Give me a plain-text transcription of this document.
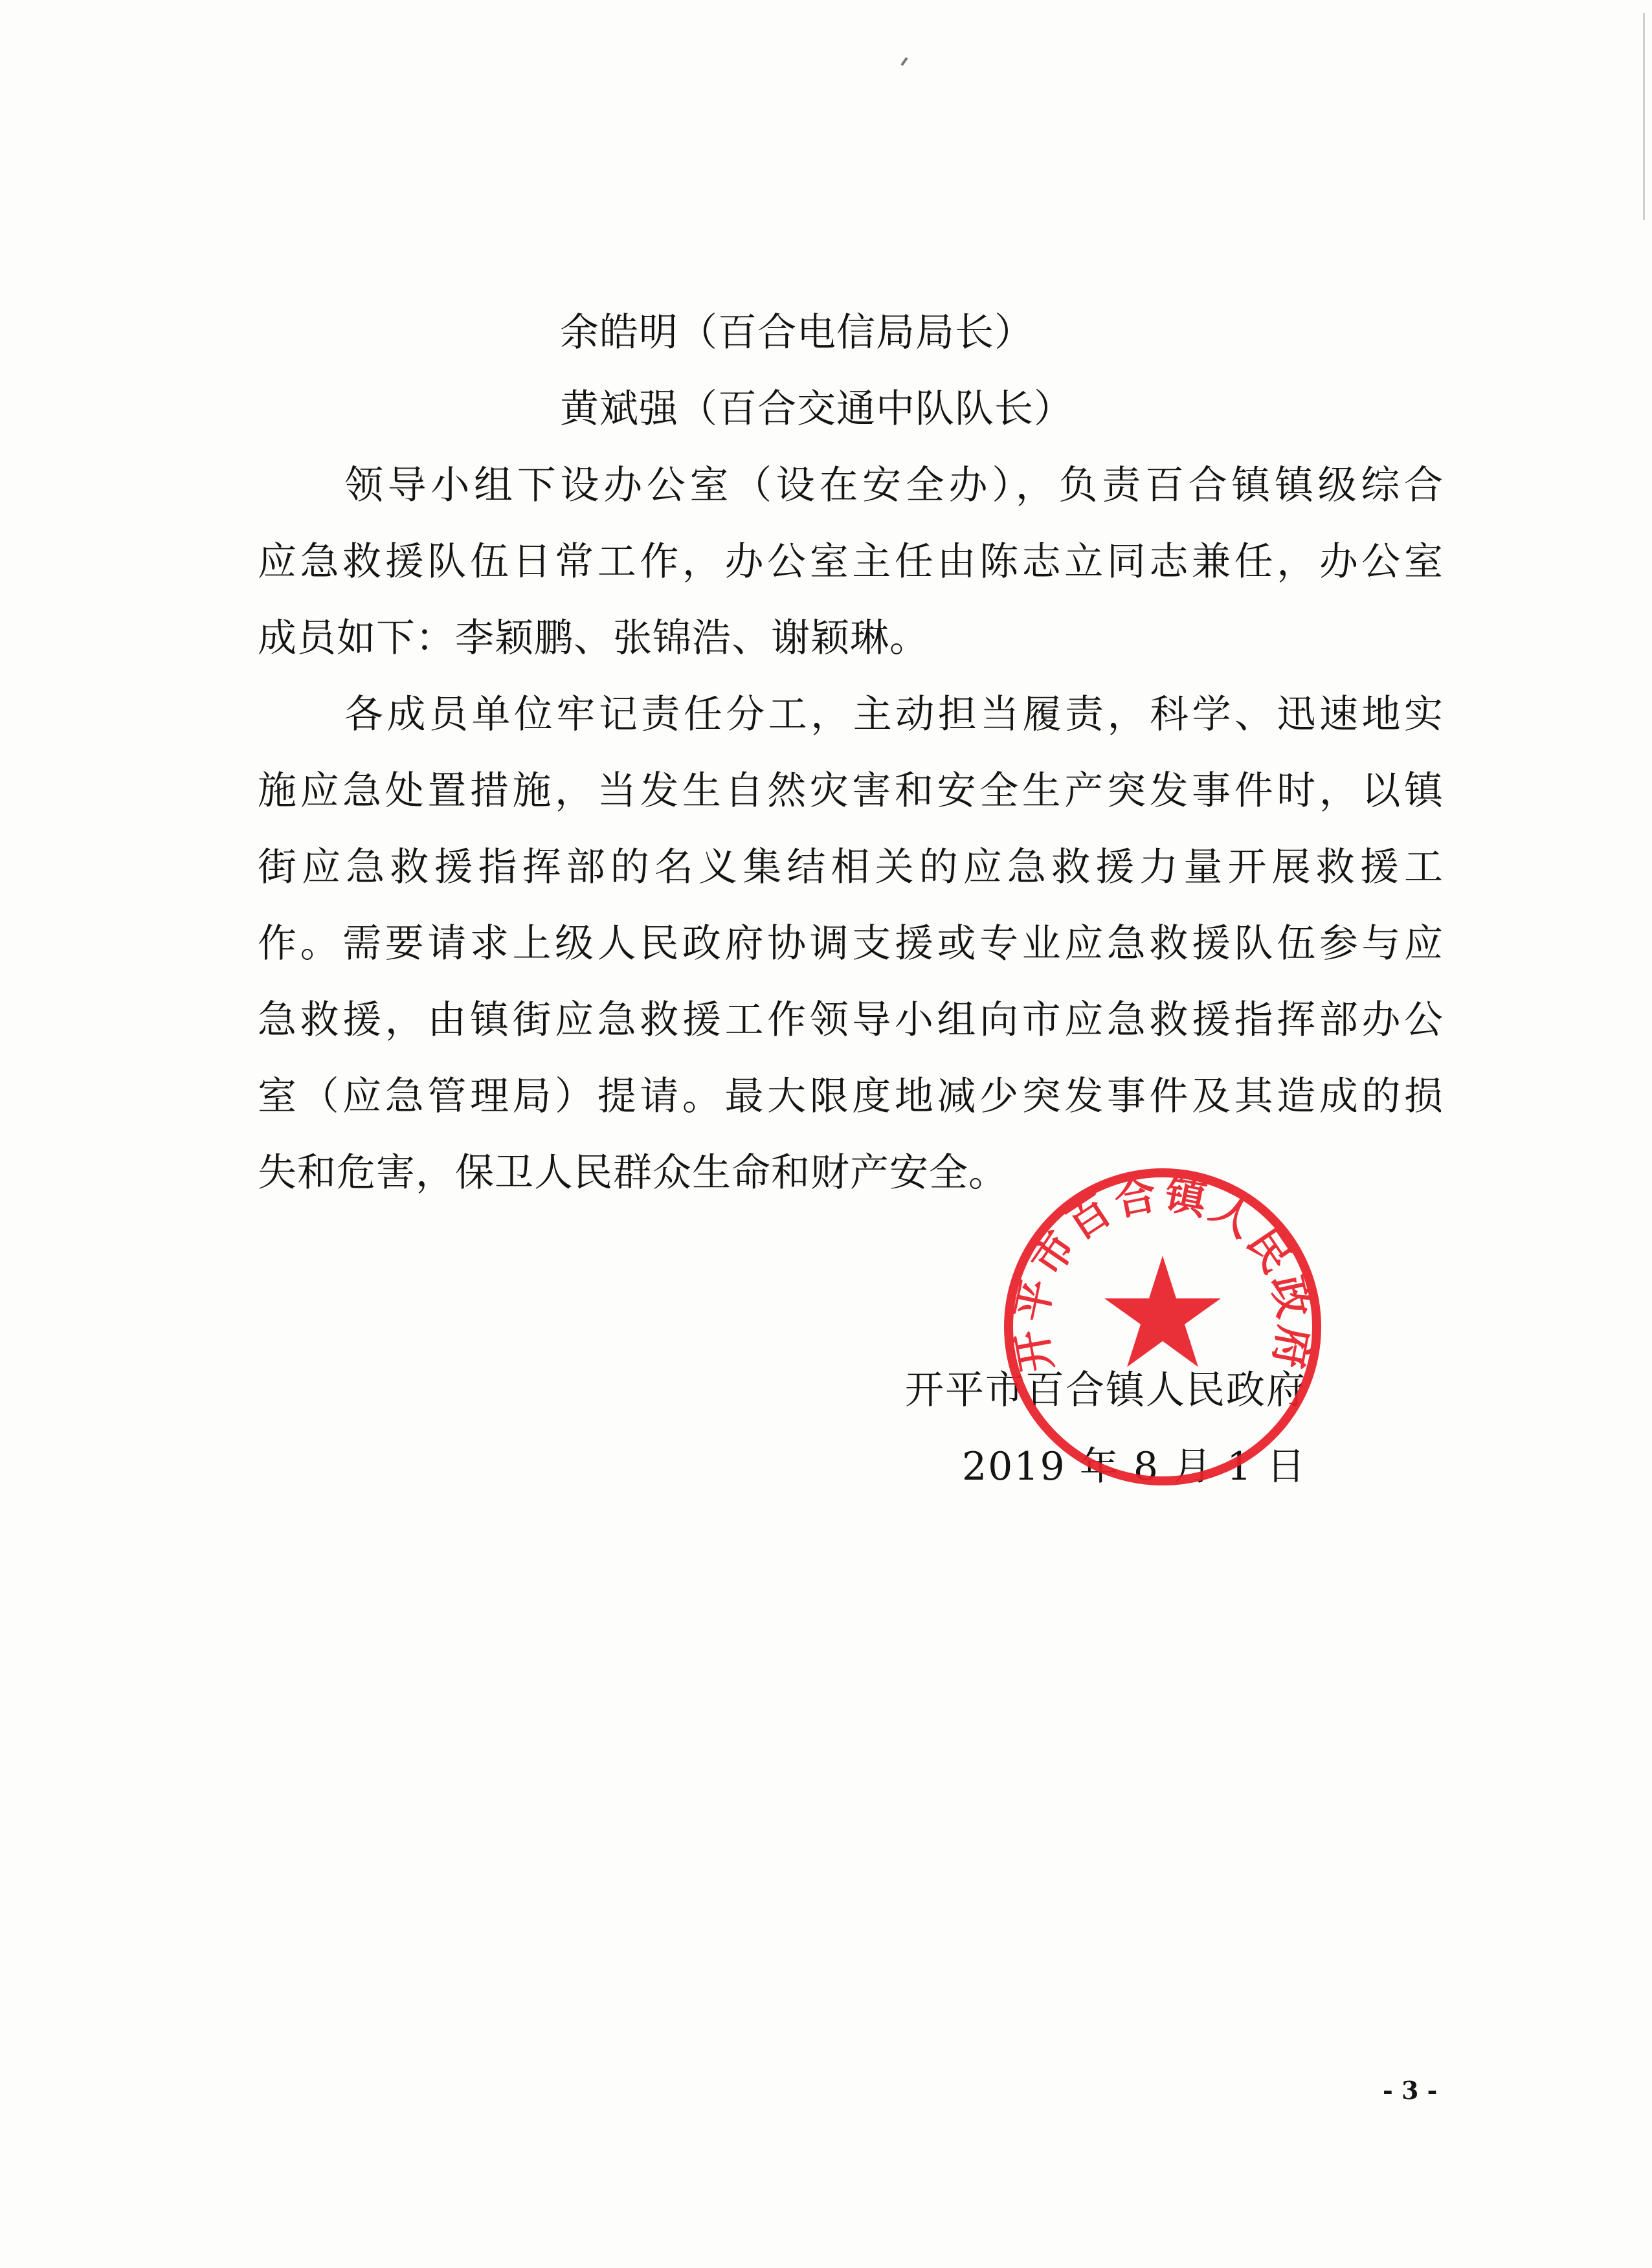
余皓明（百合电信局局长）
黄斌强（百合交通中队队长）
领导小组下设办公室（设在安全办），负责百合镇镇级综合
应急救援队伍日常工作，办公室主任由陈志立同志兼任，办公室
成员如下：李颖鹏、张锦浩、谢颖琳。
各成员单位牢记责任分工，主动担当履责，科学、迅速地实
施应急处置措施，当发生自然灾害和安全生产突发事件时，以镇
街应急救援指挥部的名义集结相关的应急救援力量开展救援工
作。需要请求上级人民政府协调支援或专业应急救援队伍参与应
急救援，由镇街应急救援工作领导小组向市应急救援指挥部办公
室（应急管理局）提请。最大限度地减少突发事件及其造成的损
失和危害，保卫人民群众生命和财产安全。
开平市百合镇人民政府
2019 年 8 月 1 日
开平市百合镇人民政府
- 3 -
